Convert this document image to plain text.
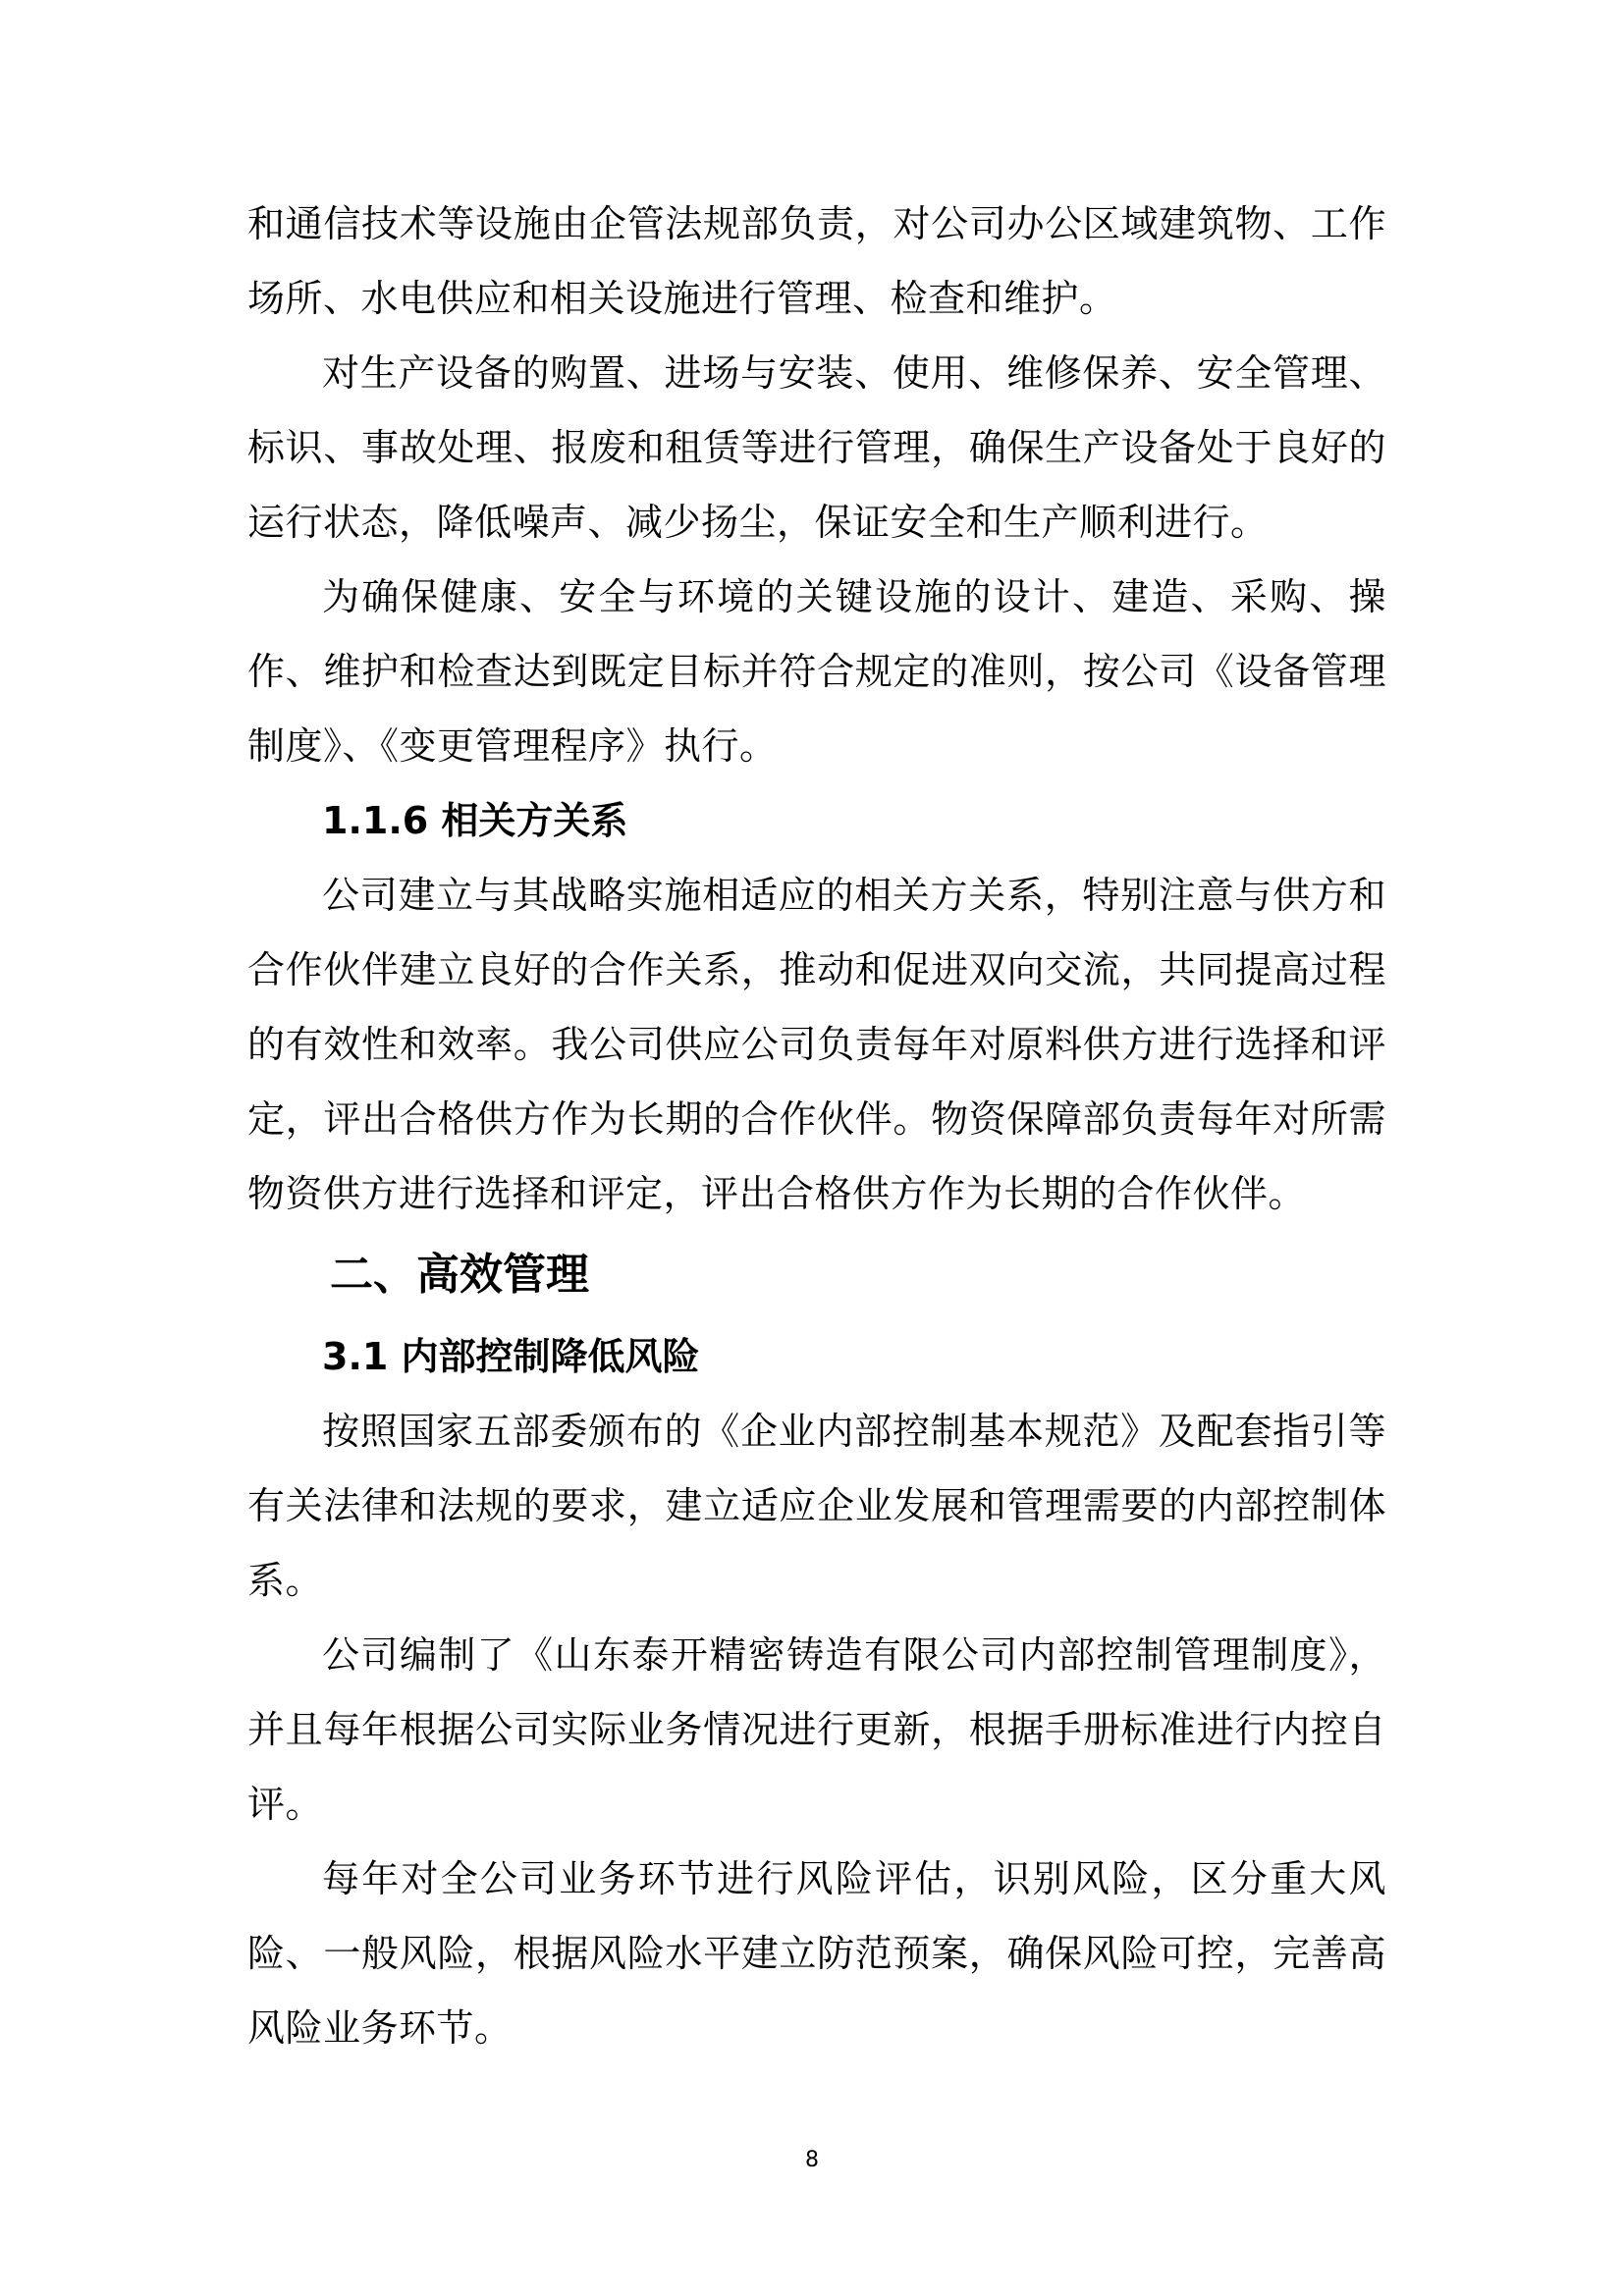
和通信技术等设施由企管法规部负责，对公司办公区域建筑物、工作场所、水电供应和相关设施进行管理、检查和维护。

对生产设备的购置、进场与安装、使用、维修保养、安全管理、标识、事故处理、报废和租赁等进行管理，确保生产设备处于良好的运行状态，降低噪声、减少扬尘，保证安全和生产顺利进行。

为确保健康、安全与环境的关键设施的设计、建造、采购、操作、维护和检查达到既定目标并符合规定的准则，按公司《设备管理制度》、《变更管理程序》执行。

1.1.6 相关方关系

公司建立与其战略实施相适应的相关方关系，特别注意与供方和合作伙伴建立良好的合作关系，推动和促进双向交流，共同提高过程的有效性和效率。我公司供应公司负责每年对原料供方进行选择和评定，评出合格供方作为长期的合作伙伴。物资保障部负责每年对所需物资供方进行选择和评定，评出合格供方作为长期的合作伙伴。

二、高效管理

3.1 内部控制降低风险

按照国家五部委颁布的《企业内部控制基本规范》及配套指引等有关法律和法规的要求，建立适应企业发展和管理需要的内部控制体系。

公司编制了《山东泰开精密铸造有限公司内部控制管理制度》，并且每年根据公司实际业务情况进行更新，根据手册标准进行内控自评。

每年对全公司业务环节进行风险评估，识别风险，区分重大风险、一般风险，根据风险水平建立防范预案，确保风险可控，完善高风险业务环节。

8
